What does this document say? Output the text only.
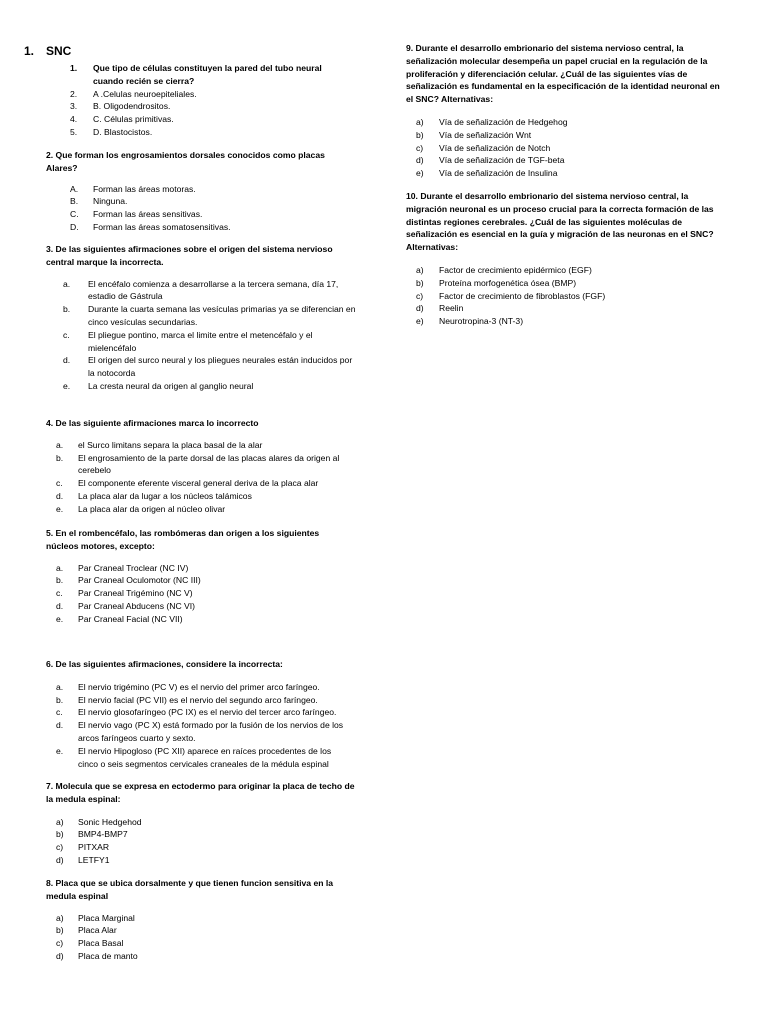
1. SNC
1.	Que tipo de células constituyen la pared del tubo neural cuando recién se cierra?
2.	A .Celulas neuroepiteliales.
3.	B. Oligodendrositos.
4.	C. Células primitivas.
5.	D. Blastocistos.
2. Que forman los engrosamientos dorsales conocidos como placas Alares?
A.	Forman las áreas motoras.
B.	Ninguna.
C.	Forman las áreas sensitivas.
D.	Forman las áreas somatosensitivas.
3. De las siguientes afirmaciones sobre el origen del sistema nervioso central marque la incorrecta.
a.	El encéfalo comienza a desarrollarse a la tercera semana, día 17, estadio de Gástrula
b.	Durante la cuarta semana las vesículas primarias ya se diferencian en cinco vesículas secundarias.
c.	El pliegue pontino, marca el limite entre el metencéfalo y el mielencéfalo
d.	El origen del surco neural y los pliegues neurales están inducidos por la notocorda
e.	La cresta neural da origen al ganglio neural
4. De las siguiente afirmaciones marca lo incorrecto
a.	el Surco limitans separa la placa basal de la alar
b.	El engrosamiento de la parte dorsal de las placas alares da origen al cerebelo
c.	El componente eferente visceral general deriva de la placa alar
d.	La placa alar da lugar a los núcleos talámicos
e.	La placa alar da origen al núcleo olivar
5. En el rombencéfalo, las rombómeras dan origen a los siguientes núcleos motores, excepto:
a.	Par Craneal Troclear (NC IV)
b.	Par Craneal Oculomotor (NC III)
c.	Par Craneal Trigémino (NC V)
d.	Par Craneal Abducens (NC VI)
e.	Par Craneal Facial (NC VII)
6. De las siguientes afirmaciones, considere la incorrecta:
a.	El nervio trigémino (PC V) es el nervio del primer arco faríngeo.
b.	El nervio facial (PC VII) es el nervio del segundo arco faríngeo.
c.	El nervio glosofaríngeo (PC IX) es el nervio del tercer arco faríngeo.
d.	El nervio vago (PC X) está formado por la fusión de los nervios de los arcos faríngeos cuarto y sexto.
e.	El nervio Hipogloso (PC XII) aparece en raíces procedentes de los cinco o seis segmentos cervicales craneales de la médula espinal
7. Molecula que se expresa en ectodermo para originar la placa de techo de la medula espinal:
a)	Sonic Hedgehod
b)	BMP4-BMP7
c)	PITXAR
d)	LETFY1
8. Placa que se ubica dorsalmente y que tienen funcion sensitiva en la medula espinal
a)	Placa Marginal
b)	Placa Alar
c)	Placa Basal
d)	Placa de manto
9. Durante el desarrollo embrionario del sistema nervioso central, la señalización molecular desempeña un papel crucial en la regulación de la proliferación y diferenciación celular. ¿Cuál de las siguientes vías de señalización es fundamental en la especificación de la identidad neuronal en el SNC? Alternativas:
a)	Vía de señalización de Hedgehog
b)	Vía de señalización Wnt
c)	Vía de señalización de Notch
d)	Vía de señalización de TGF-beta
e)	Vía de señalización de Insulina
10. Durante el desarrollo embrionario del sistema nervioso central, la migración neuronal es un proceso crucial para la correcta formación de las distintas regiones cerebrales. ¿Cuál de las siguientes moléculas de señalización es esencial en la guía y migración de las neuronas en el SNC? Alternativas:
a)	Factor de crecimiento epidérmico (EGF)
b)	Proteína morfogenética ósea (BMP)
c)	Factor de crecimiento de fibroblastos (FGF)
d)	Reelin
e)	Neurotropina-3 (NT-3)
